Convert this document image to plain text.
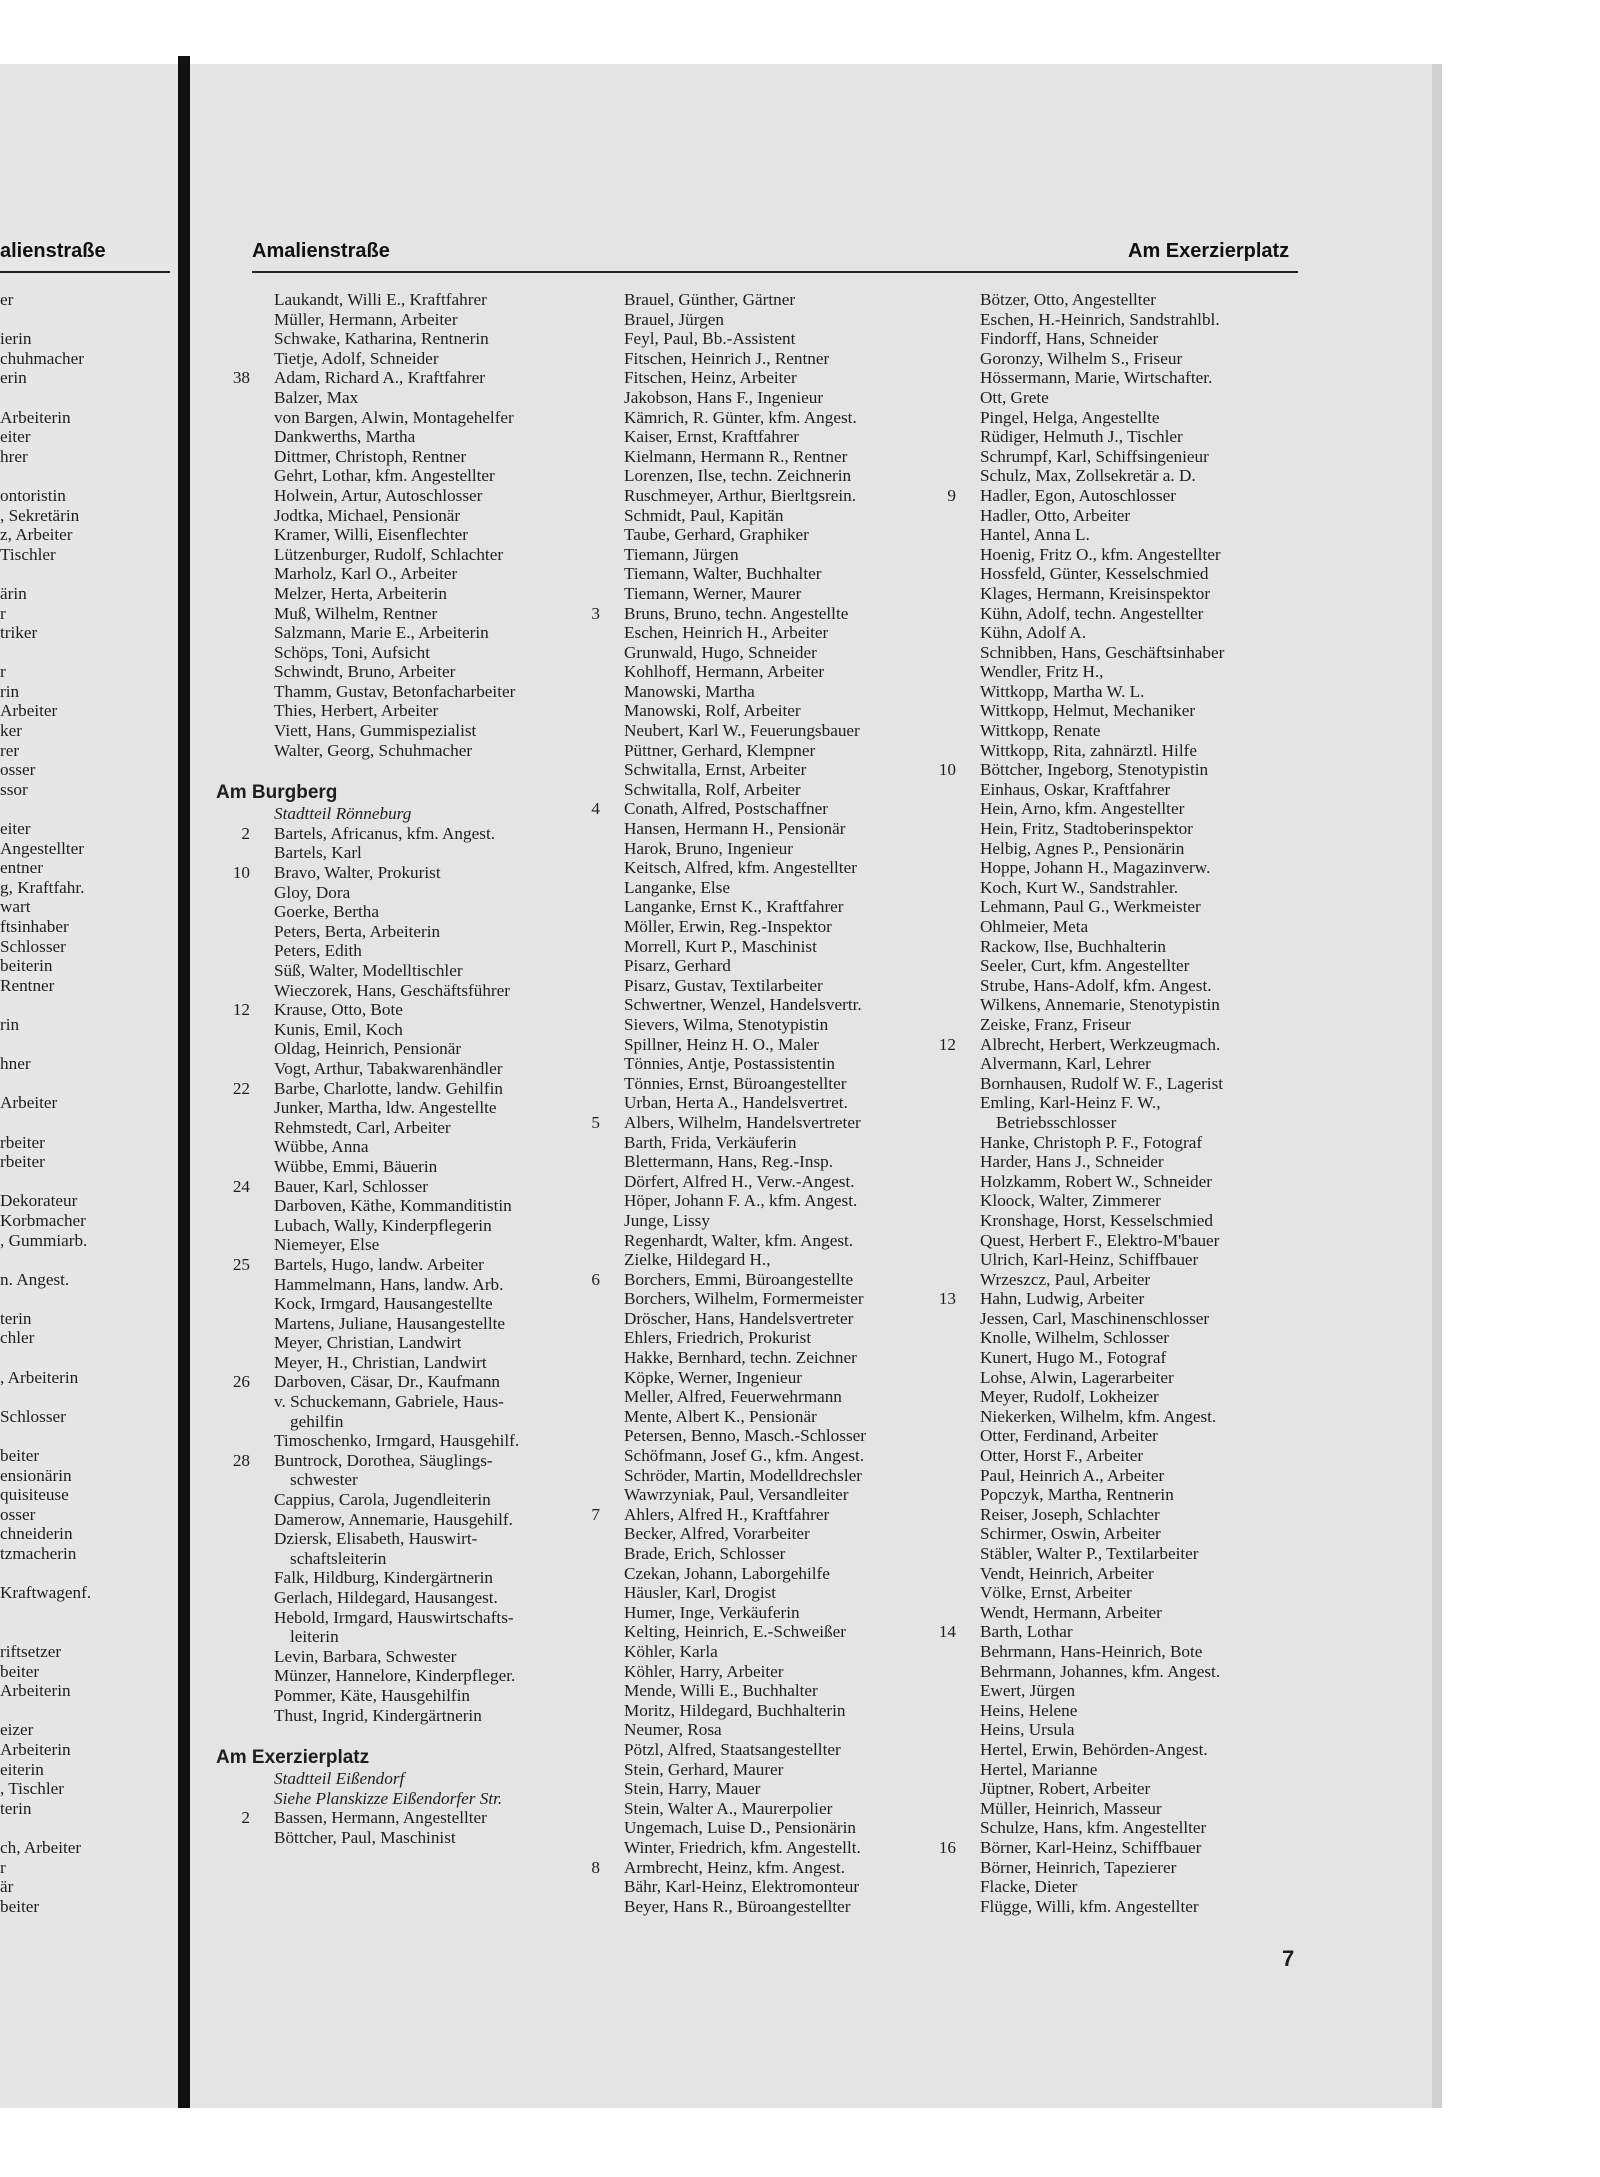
alienstraße
er
ierin
chuhmacher
erin
Arbeiterin
eiter
hrer
ontoristin
, Sekretärin
z, Arbeiter
Tischler
ärin
r
triker
r
rin
Arbeiter
ker
rer
osser
ssor
eiter
Angestellter
entner
g, Kraftfahr.
wart
ftsinhaber
Schlosser
beiterin
Rentner
rin
hner
Arbeiter
rbeiter
rbeiter
Dekorateur
Korbmacher
, Gummiarb.
n. Angest.
terin
chler
, Arbeiterin
Schlosser
beiter
ensionärin
quisiteuse
osser
chneiderin
tzmacherin
Kraftwagenf.
riftsetzer
beiter
Arbeiterin
eizer
Arbeiterin
eiterin
, Tischler
terin
ch, Arbeiter
r
är
beiter
Amalienstraße	Am Exerzierplatz
Laukandt, Willi E., Kraftfahrer
Müller, Hermann, Arbeiter
Schwake, Katharina, Rentnerin
Tietje, Adolf, Schneider
38	Adam, Richard A., Kraftfahrer
Balzer, Max
von Bargen, Alwin, Montagehelfer
Dankwerths, Martha
Dittmer, Christoph, Rentner
Gehrt, Lothar, kfm. Angestellter
Holwein, Artur, Autoschlosser
Jodtka, Michael, Pensionär
Kramer, Willi, Eisenflechter
Lützenburger, Rudolf, Schlachter
Marholz, Karl O., Arbeiter
Melzer, Herta, Arbeiterin
Muß, Wilhelm, Rentner
Salzmann, Marie E., Arbeiterin
Schöps, Toni, Aufsicht
Schwindt, Bruno, Arbeiter
Thamm, Gustav, Betonfacharbeiter
Thies, Herbert, Arbeiter
Viett, Hans, Gummispezialist
Walter, Georg, Schuhmacher
Am Burgberg
Stadtteil Rönneburg
2	Bartels, Africanus, kfm. Angest.
Bartels, Karl
10	Bravo, Walter, Prokurist
Gloy, Dora
Goerke, Bertha
Peters, Berta, Arbeiterin
Peters, Edith
Süß, Walter, Modelltischler
Wieczorek, Hans, Geschäftsführer
12	Krause, Otto, Bote
Kunis, Emil, Koch
Oldag, Heinrich, Pensionär
Vogt, Arthur, Tabakwarenhändler
22	Barbe, Charlotte, landw. Gehilfin
Junker, Martha, ldw. Angestellte
Rehmstedt, Carl, Arbeiter
Wübbe, Anna
Wübbe, Emmi, Bäuerin
24	Bauer, Karl, Schlosser
Darboven, Käthe, Kommanditistin
Lubach, Wally, Kinderpflegerin
Niemeyer, Else
25	Bartels, Hugo, landw. Arbeiter
Hammelmann, Hans, landw. Arb.
Kock, Irmgard, Hausangestellte
Martens, Juliane, Hausangestellte
Meyer, Christian, Landwirt
Meyer, H., Christian, Landwirt
26	Darboven, Cäsar, Dr., Kaufmann
v. Schuckemann, Gabriele, Haus-
gehilfin
Timoschenko, Irmgard, Hausgehilf.
28	Buntrock, Dorothea, Säuglings-
schwester
Cappius, Carola, Jugendleiterin
Damerow, Annemarie, Hausgehilf.
Dziersk, Elisabeth, Hauswirt-
schaftsleiterin
Falk, Hildburg, Kindergärtnerin
Gerlach, Hildegard, Hausangest.
Hebold, Irmgard, Hauswirtschafts-
leiterin
Levin, Barbara, Schwester
Münzer, Hannelore, Kinderpfleger.
Pommer, Käte, Hausgehilfin
Thust, Ingrid, Kindergärtnerin
Am Exerzierplatz
Stadtteil Eißendorf
Siehe Planskizze Eißendorfer Str.
2	Bassen, Hermann, Angestellter
Böttcher, Paul, Maschinist
Brauel, Günther, Gärtner
Brauel, Jürgen
Feyl, Paul, Bb.-Assistent
Fitschen, Heinrich J., Rentner
Fitschen, Heinz, Arbeiter
Jakobson, Hans F., Ingenieur
Kämrich, R. Günter, kfm. Angest.
Kaiser, Ernst, Kraftfahrer
Kielmann, Hermann R., Rentner
Lorenzen, Ilse, techn. Zeichnerin
Ruschmeyer, Arthur, Bierltgsrein.
Schmidt, Paul, Kapitän
Taube, Gerhard, Graphiker
Tiemann, Jürgen
Tiemann, Walter, Buchhalter
Tiemann, Werner, Maurer
3	Bruns, Bruno, techn. Angestellte
Eschen, Heinrich H., Arbeiter
Grunwald, Hugo, Schneider
Kohlhoff, Hermann, Arbeiter
Manowski, Martha
Manowski, Rolf, Arbeiter
Neubert, Karl W., Feuerungsbauer
Püttner, Gerhard, Klempner
Schwitalla, Ernst, Arbeiter
Schwitalla, Rolf, Arbeiter
4	Conath, Alfred, Postschaffner
Hansen, Hermann H., Pensionär
Harok, Bruno, Ingenieur
Keitsch, Alfred, kfm. Angestellter
Langanke, Else
Langanke, Ernst K., Kraftfahrer
Möller, Erwin, Reg.-Inspektor
Morrell, Kurt P., Maschinist
Pisarz, Gerhard
Pisarz, Gustav, Textilarbeiter
Schwertner, Wenzel, Handelsvertr.
Sievers, Wilma, Stenotypistin
Spillner, Heinz H. O., Maler
Tönnies, Antje, Postassistentin
Tönnies, Ernst, Büroangestellter
Urban, Herta A., Handelsvertret.
5	Albers, Wilhelm, Handelsvertreter
Barth, Frida, Verkäuferin
Blettermann, Hans, Reg.-Insp.
Dörfert, Alfred H., Verw.-Angest.
Höper, Johann F. A., kfm. Angest.
Junge, Lissy
Regenhardt, Walter, kfm. Angest.
Zielke, Hildegard H.,
6	Borchers, Emmi, Büroangestellte
Borchers, Wilhelm, Formermeister
Dröscher, Hans, Handelsvertreter
Ehlers, Friedrich, Prokurist
Hakke, Bernhard, techn. Zeichner
Köpke, Werner, Ingenieur
Meller, Alfred, Feuerwehrmann
Mente, Albert K., Pensionär
Petersen, Benno, Masch.-Schlosser
Schöfmann, Josef G., kfm. Angest.
Schröder, Martin, Modelldrechsler
Wawrzyniak, Paul, Versandleiter
7	Ahlers, Alfred H., Kraftfahrer
Becker, Alfred, Vorarbeiter
Brade, Erich, Schlosser
Czekan, Johann, Laborgehilfe
Häusler, Karl, Drogist
Humer, Inge, Verkäuferin
Kelting, Heinrich, E.-Schweißer
Köhler, Karla
Köhler, Harry, Arbeiter
Mende, Willi E., Buchhalter
Moritz, Hildegard, Buchhalterin
Neumer, Rosa
Pötzl, Alfred, Staatsangestellter
Stein, Gerhard, Maurer
Stein, Harry, Mauer
Stein, Walter A., Maurerpolier
Ungemach, Luise D., Pensionärin
Winter, Friedrich, kfm. Angestellt.
8	Armbrecht, Heinz, kfm. Angest.
Bähr, Karl-Heinz, Elektromonteur
Beyer, Hans R., Büroangestellter
Bötzer, Otto, Angestellter
Eschen, H.-Heinrich, Sandstrahlbl.
Findorff, Hans, Schneider
Goronzy, Wilhelm S., Friseur
Hössermann, Marie, Wirtschafter.
Ott, Grete
Pingel, Helga, Angestellte
Rüdiger, Helmuth J., Tischler
Schrumpf, Karl, Schiffsingenieur
Schulz, Max, Zollsekretär a. D.
9	Hadler, Egon, Autoschlosser
Hadler, Otto, Arbeiter
Hantel, Anna L.
Hoenig, Fritz O., kfm. Angestellter
Hossfeld, Günter, Kesselschmied
Klages, Hermann, Kreisinspektor
Kühn, Adolf, techn. Angestellter
Kühn, Adolf A.
Schnibben, Hans, Geschäftsinhaber
Wendler, Fritz H.,
Wittkopp, Martha W. L.
Wittkopp, Helmut, Mechaniker
Wittkopp, Renate
Wittkopp, Rita, zahnärztl. Hilfe
10	Böttcher, Ingeborg, Stenotypistin
Einhaus, Oskar, Kraftfahrer
Hein, Arno, kfm. Angestellter
Hein, Fritz, Stadtoberinspektor
Helbig, Agnes P., Pensionärin
Hoppe, Johann H., Magazinverw.
Koch, Kurt W., Sandstrahler.
Lehmann, Paul G., Werkmeister
Ohlmeier, Meta
Rackow, Ilse, Buchhalterin
Seeler, Curt, kfm. Angestellter
Strube, Hans-Adolf, kfm. Angest.
Wilkens, Annemarie, Stenotypistin
Zeiske, Franz, Friseur
12	Albrecht, Herbert, Werkzeugmach.
Alvermann, Karl, Lehrer
Bornhausen, Rudolf W. F., Lagerist
Emling, Karl-Heinz F. W.,
Betriebsschlosser
Hanke, Christoph P. F., Fotograf
Harder, Hans J., Schneider
Holzkamm, Robert W., Schneider
Kloock, Walter, Zimmerer
Kronshage, Horst, Kesselschmied
Quest, Herbert F., Elektro-M'bauer
Ulrich, Karl-Heinz, Schiffbauer
Wrzeszcz, Paul, Arbeiter
13	Hahn, Ludwig, Arbeiter
Jessen, Carl, Maschinenschlosser
Knolle, Wilhelm, Schlosser
Kunert, Hugo M., Fotograf
Lohse, Alwin, Lagerarbeiter
Meyer, Rudolf, Lokheizer
Niekerken, Wilhelm, kfm. Angest.
Otter, Ferdinand, Arbeiter
Otter, Horst F., Arbeiter
Paul, Heinrich A., Arbeiter
Popczyk, Martha, Rentnerin
Reiser, Joseph, Schlachter
Schirmer, Oswin, Arbeiter
Stäbler, Walter P., Textilarbeiter
Vendt, Heinrich, Arbeiter
Völke, Ernst, Arbeiter
Wendt, Hermann, Arbeiter
14	Barth, Lothar
Behrmann, Hans-Heinrich, Bote
Behrmann, Johannes, kfm. Angest.
Ewert, Jürgen
Heins, Helene
Heins, Ursula
Hertel, Erwin, Behörden-Angest.
Hertel, Marianne
Jüptner, Robert, Arbeiter
Müller, Heinrich, Masseur
Schulze, Hans, kfm. Angestellter
16	Börner, Karl-Heinz, Schiffbauer
Börner, Heinrich, Tapezierer
Flacke, Dieter
Flügge, Willi, kfm. Angestellter
7
